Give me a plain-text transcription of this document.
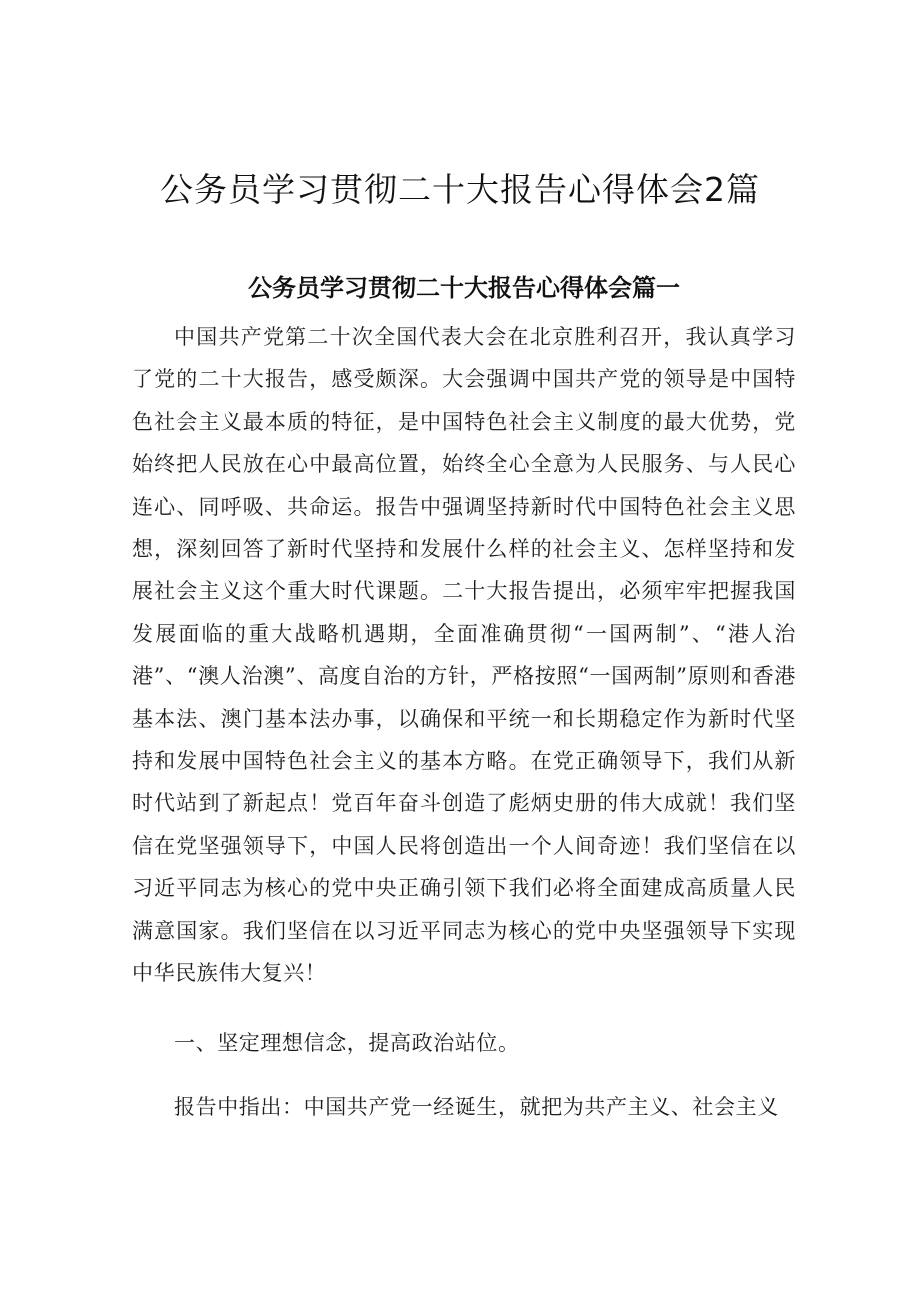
公务员学习贯彻二十大报告心得体会2篇
公务员学习贯彻二十大报告心得体会篇一

中国共产党第二十次全国代表大会在北京胜利召开，我认真学习了党的二十大报告，感受颇深。大会强调中国共产党的领导是中国特色社会主义最本质的特征，是中国特色社会主义制度的最大优势，党始终把人民放在心中最高位置，始终全心全意为人民服务、与人民心连心、同呼吸、共命运。报告中强调坚持新时代中国特色社会主义思想，深刻回答了新时代坚持和发展什么样的社会主义、怎样坚持和发展社会主义这个重大时代课题。二十大报告提出，必须牢牢把握我国发展面临的重大战略机遇期，全面准确贯彻“一国两制”、“港人治港”、“澳人治澳”、高度自治的方针，严格按照“一国两制”原则和香港基本法、澳门基本法办事，以确保和平统一和长期稳定作为新时代坚持和发展中国特色社会主义的基本方略。在党正确领导下，我们从新时代站到了新起点！党百年奋斗创造了彪炳史册的伟大成就！我们坚信在党坚强领导下，中国人民将创造出一个人间奇迹！我们坚信在以习近平同志为核心的党中央正确引领下我们必将全面建成高质量人民满意国家。我们坚信在以习近平同志为核心的党中央坚强领导下实现中华民族伟大复兴！

一、坚定理想信念，提高政治站位。

报告中指出：中国共产党一经诞生，就把为共产主义、社会主义
